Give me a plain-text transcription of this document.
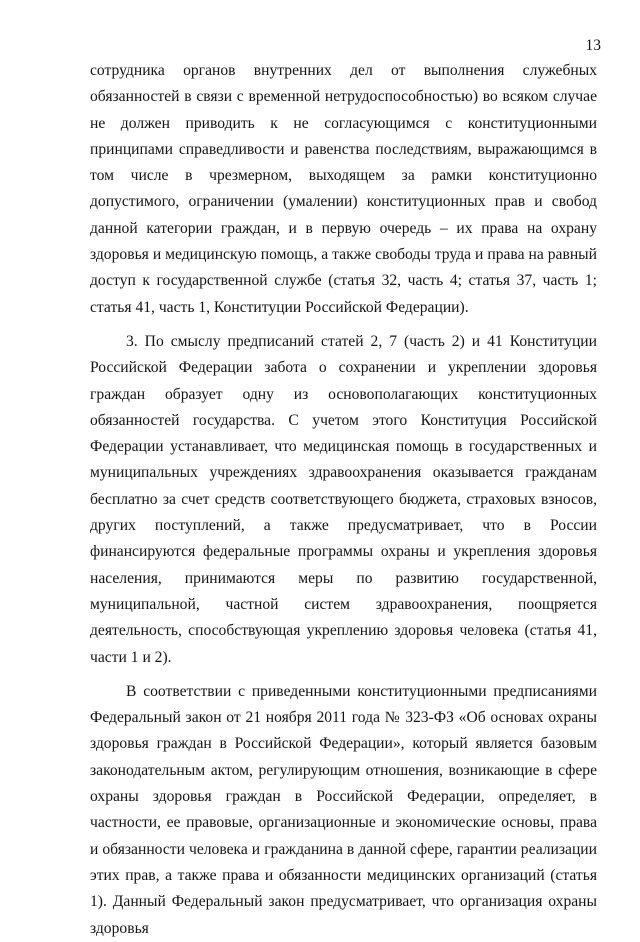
13

сотрудника органов внутренних дел от выполнения служебных обязанностей в связи с временной нетрудоспособностью) во всяком случае не должен приводить к не согласующимся с конституционными принципами справедливости и равенства последствиям, выражающимся в том числе в чрезмерном, выходящем за рамки конституционно допустимого, ограничении (умалении) конституционных прав и свобод данной категории граждан, и в первую очередь – их права на охрану здоровья и медицинскую помощь, а также свободы труда и права на равный доступ к государственной службе (статья 32, часть 4; статья 37, часть 1; статья 41, часть 1, Конституции Российской Федерации).

3. По смыслу предписаний статей 2, 7 (часть 2) и 41 Конституции Российской Федерации забота о сохранении и укреплении здоровья граждан образует одну из основополагающих конституционных обязанностей государства. С учетом этого Конституция Российской Федерации устанавливает, что медицинская помощь в государственных и муниципальных учреждениях здравоохранения оказывается гражданам бесплатно за счет средств соответствующего бюджета, страховых взносов, других поступлений, а также предусматривает, что в России финансируются федеральные программы охраны и укрепления здоровья населения, принимаются меры по развитию государственной, муниципальной, частной систем здравоохранения, поощряется деятельность, способствующая укреплению здоровья человека (статья 41, части 1 и 2).

В соответствии с приведенными конституционными предписаниями Федеральный закон от 21 ноября 2011 года № 323-ФЗ «Об основах охраны здоровья граждан в Российской Федерации», который является базовым законодательным актом, регулирующим отношения, возникающие в сфере охраны здоровья граждан в Российской Федерации, определяет, в частности, ее правовые, организационные и экономические основы, права и обязанности человека и гражданина в данной сфере, гарантии реализации этих прав, а также права и обязанности медицинских организаций (статья 1). Данный Федеральный закон предусматривает, что организация охраны здоровья
